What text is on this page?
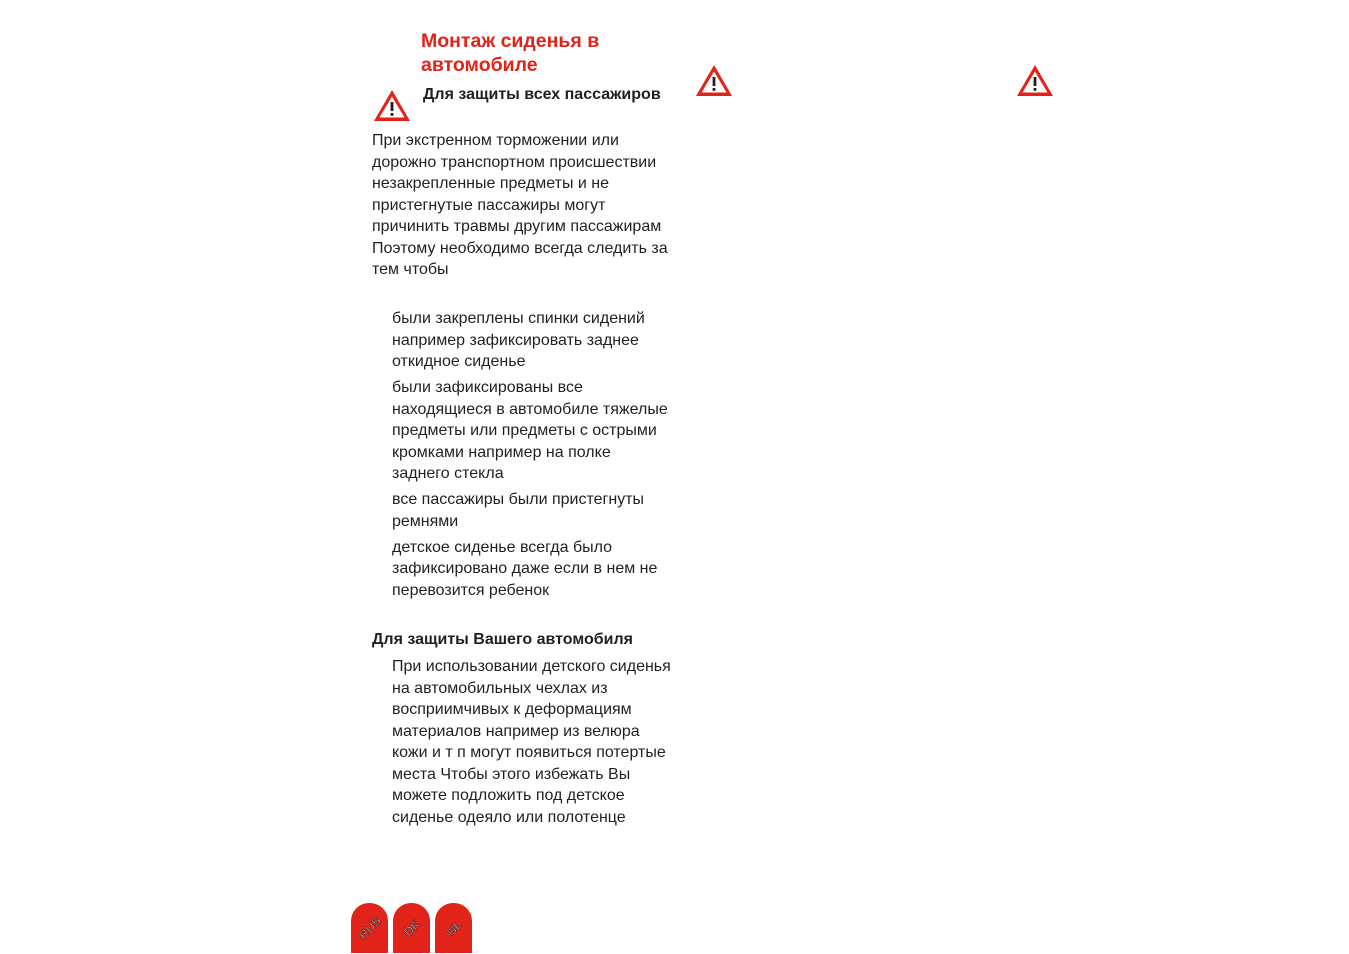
Монтаж сиденья в автомобиле
Для защиты всех пассажиров

При экстренном торможении или дорожно транспортном происшествии незакрепленные предметы и не пристегнутые пассажиры могут причинить травмы другим пассажирам Поэтому необходимо всегда следить за тем чтобы

были закреплены спинки сидений например зафиксировать заднее откидное сиденье
были зафиксированы все находящиеся в автомобиле тяжелые предметы или предметы с острыми кромками например на полке заднего стекла
все пассажиры были пристегнуты ремнями
детское сиденье всегда было зафиксировано даже если в нем не перевозится ребенок
Для защиты Вашего автомобиля

При использовании детского сиденья на автомобильных чехлах из восприимчивых к деформациям материалов например из велюра кожи и т п могут появиться потертые места Чтобы этого избежать Вы можете подложить под детское сиденье одеяло или полотенце

RUS DK NL
